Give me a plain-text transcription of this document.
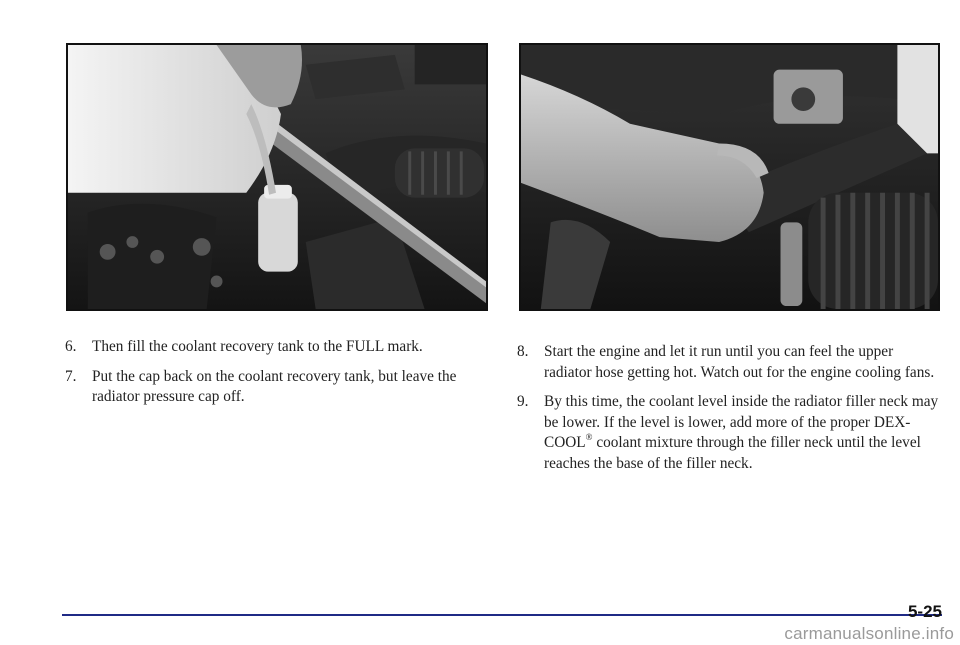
6. Then fill the coolant recovery tank to the FULL mark.
7. Put the cap back on the coolant recovery tank, but leave the radiator pressure cap off.
8. Start the engine and let it run until you can feel the upper radiator hose getting hot. Watch out for the engine cooling fans.
9. By this time, the coolant level inside the radiator filler neck may be lower. If the level is lower, add more of the proper DEX-COOL® coolant mixture through the filler neck until the level reaches the base of the filler neck.
5-25
carmanualsonline.info
